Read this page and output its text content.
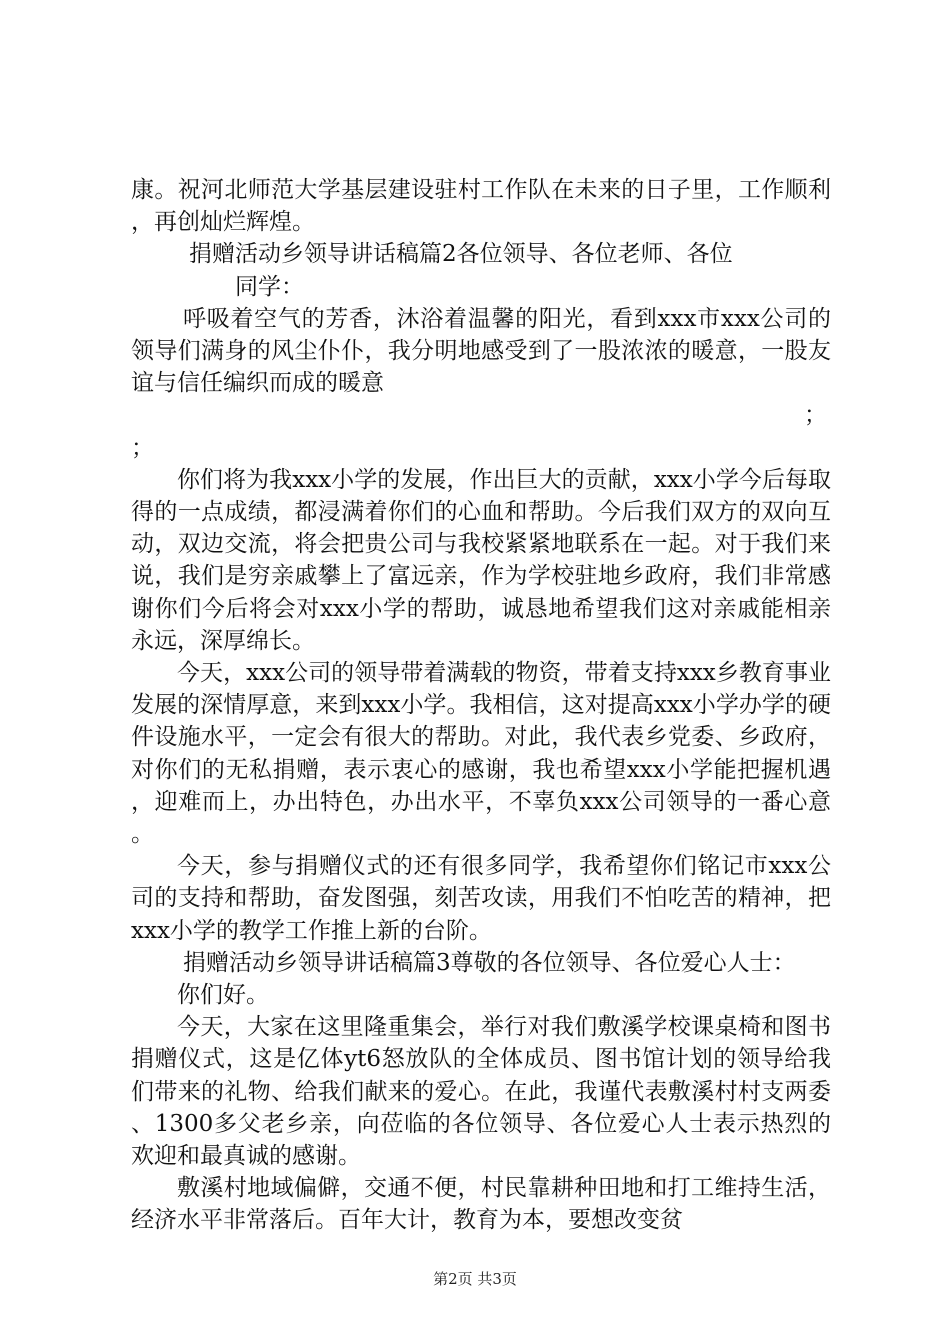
康。祝河北师范大学基层建设驻村工作队在未来的日子里，工作顺利，再创灿烂辉煌。

捐赠活动乡领导讲话稿篇2各位领导、各位老师、各位
同学：

呼吸着空气的芳香，沐浴着温馨的阳光，看到xxx市xxx公司的领导们满身的风尘仆仆，我分明地感受到了一股浓浓的暖意，一股友谊与信任编织而成的暖意

；
；

你们将为我xxx小学的发展，作出巨大的贡献，xxx小学今后每取得的一点成绩，都浸满着你们的心血和帮助。今后我们双方的双向互动，双边交流，将会把贵公司与我校紧紧地联系在一起。对于我们来说，我们是穷亲戚攀上了富远亲，作为学校驻地乡政府，我们非常感谢你们今后将会对xxx小学的帮助，诚恳地希望我们这对亲戚能相亲永远，深厚绵长。

今天，xxx公司的领导带着满载的物资，带着支持xxx乡教育事业发展的深情厚意，来到xxx小学。我相信，这对提高xxx小学办学的硬件设施水平，一定会有很大的帮助。对此，我代表乡党委、乡政府，对你们的无私捐赠，表示衷心的感谢，我也希望xxx小学能把握机遇，迎难而上，办出特色，办出水平，不辜负xxx公司领导的一番心意。

今天，参与捐赠仪式的还有很多同学，我希望你们铭记市xxx公司的支持和帮助，奋发图强，刻苦攻读，用我们不怕吃苦的精神，把xxx小学的教学工作推上新的台阶。

捐赠活动乡领导讲话稿篇3尊敬的各位领导、各位爱心人士：

你们好。

今天，大家在这里隆重集会，举行对我们敷溪学校课桌椅和图书捐赠仪式，这是亿体yt6怒放队的全体成员、图书馆计划的领导给我们带来的礼物、给我们献来的爱心。在此，我谨代表敷溪村村支两委、1300多父老乡亲，向莅临的各位领导、各位爱心人士表示热烈的欢迎和最真诚的感谢。

敷溪村地域偏僻，交通不便，村民靠耕种田地和打工维持生活，经济水平非常落后。百年大计，教育为本，要想改变贫

第2页 共3页
